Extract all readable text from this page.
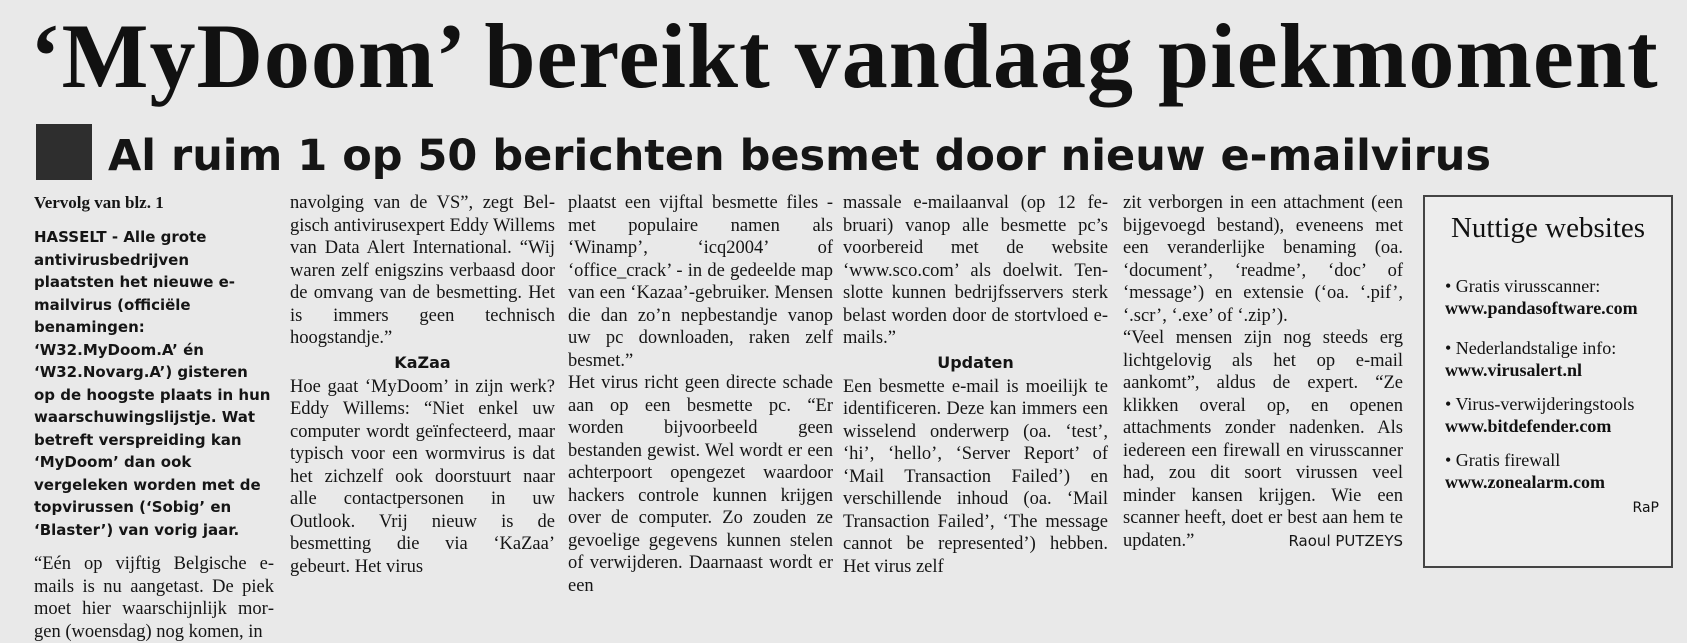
‘MyDoom’ bereikt vandaag piekmoment
Al ruim 1 op 50 berichten besmet door nieuw e-mailvirus

Vervolg van blz. 1

HASSELT - Alle grote antivirusbedrijven plaatsten het nieuwe e-mailvirus (officiële benamingen: ‘W32.MyDoom.A’ én ‘W32.Novarg.A’) gisteren op de hoogste plaats in hun waarschuwingslijstje. Wat betreft verspreiding kan ‘MyDoom’ dan ook vergeleken worden met de topvirussen (‘Sobig’ en ‘Blaster’) van vorig jaar.

“Eén op vijftig Belgische e-mails is nu aangetast. De piek moet hier waarschijnlijk morgen (woensdag) nog komen, in

navolging van de VS”, zegt Belgisch antivirusexpert Eddy Willems van Data Alert International. “Wij waren zelf enigszins verbaasd door de omvang van de besmetting. Het is immers geen technisch hoogstandje.”

KaZaa

Hoe gaat ‘MyDoom’ in zijn werk? Eddy Willems: “Niet enkel uw computer wordt geïnfecteerd, maar typisch voor een wormvirus is dat het zichzelf ook doorstuurt naar alle contactpersonen in uw Outlook. Vrij nieuw is de besmetting die via ‘KaZaa’ gebeurt. Het virus

plaatst een vijftal besmette files - met populaire namen als ‘Winamp’, ‘icq2004’ of ‘office_crack’ - in de gedeelde map van een ‘Kazaa’-gebruiker. Mensen die dan zo’n nepbestandje vanop uw pc downloaden, raken zelf besmet.”

Het virus richt geen directe schade aan op een besmette pc. “Er worden bijvoorbeeld geen bestanden gewist. Wel wordt er een achterpoort opengezet waardoor hackers controle kunnen krijgen over de computer. Zo zouden ze gevoelige gegevens kunnen stelen of verwijderen. Daarnaast wordt er een

massale e-mailaanval (op 12 februari) vanop alle besmette pc’s voorbereid met de website ‘www.sco.com’ als doelwit. Tenslotte kunnen bedrijfsservers sterk belast worden door de stortvloed e-mails.”

Updaten

Een besmette e-mail is moeilijk te identificeren. Deze kan immers een wisselend onderwerp (oa. ‘test’, ‘hi’, ‘hello’, ‘Server Report’ of ‘Mail Transaction Failed’) en verschillende inhoud (oa. ‘Mail Transaction Failed’, ‘The message cannot be represented’) hebben. Het virus zelf

zit verborgen in een attachment (een bijgevoegd bestand), eveneens met een veranderlijke benaming (oa. ‘document’, ‘readme’, ‘doc’ of ‘message’) en extensie (‘oa. ‘.pif’, ‘.scr’, ‘.exe’ of ‘.zip’).

“Veel mensen zijn nog steeds erg lichtgelovig als het op e-mail aankomt”, aldus de expert. “Ze klikken overal op, en openen attachments zonder nadenken. Als iedereen een firewall en virusscanner had, zou dit soort virussen veel minder kansen krijgen. Wie een scanner heeft, doet er best aan hem te updaten.”	Raoul PUTZEYS

Nuttige websites
• Gratis virusscanner:
www.pandasoftware.com
• Nederlandstalige info:
www.virusalert.nl
• Virus-verwijderingstools
www.bitdefender.com
• Gratis firewall
www.zonealarm.com
RaP
